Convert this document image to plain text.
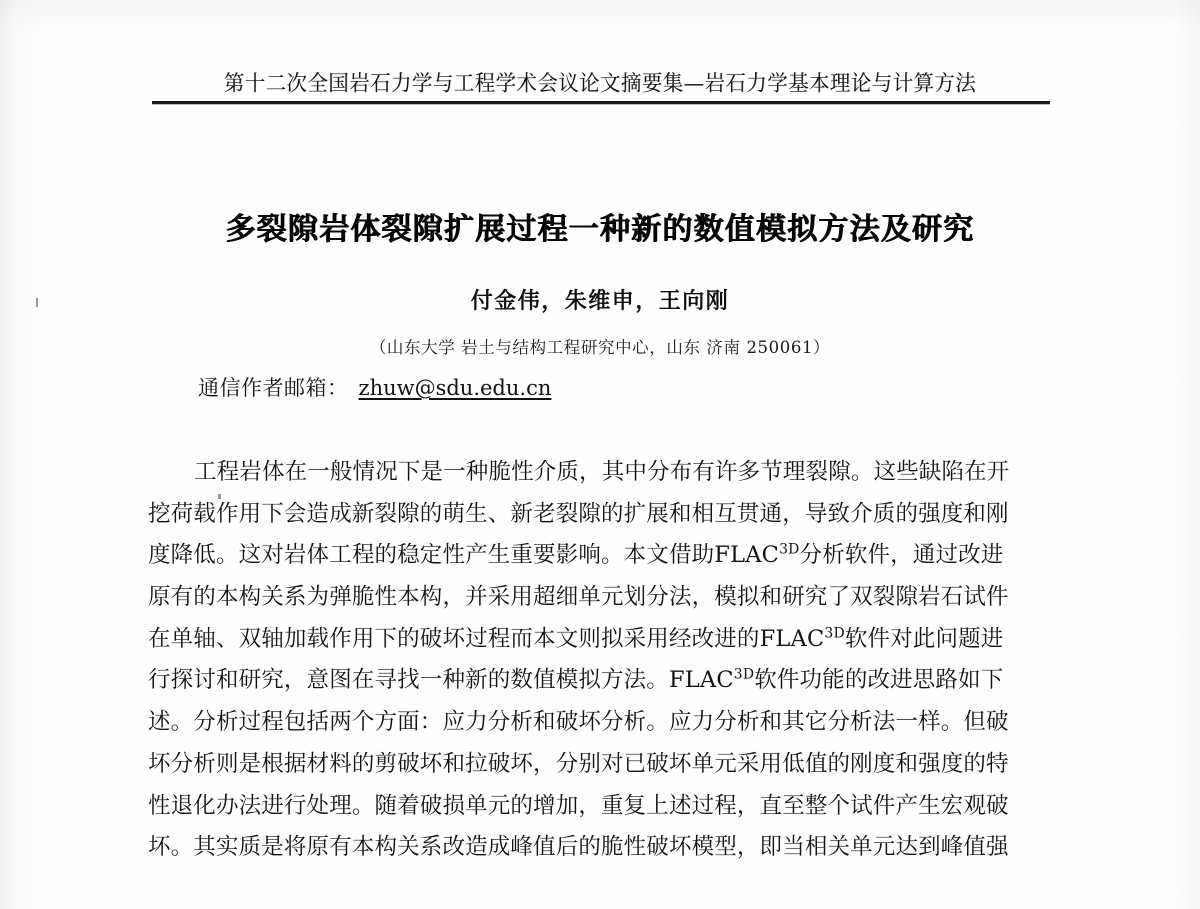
第十二次全国岩石力学与工程学术会议论文摘要集—岩石力学基本理论与计算方法
多裂隙岩体裂隙扩展过程一种新的数值模拟方法及研究
付金伟，朱维申，王向刚
（山东大学 岩土与结构工程研究中心，山东 济南 250061）
通信作者邮箱： zhuw@sdu.edu.cn
工程岩体在一般情况下是一种脆性介质，其中分布有许多节理裂隙。这些缺陷在开
挖荷载作用下会造成新裂隙的萌生、新老裂隙的扩展和相互贯通，导致介质的强度和刚
度降低。这对岩体工程的稳定性产生重要影响。本文借助$FLAC^{3D}$分析软件，通过改进
原有的本构关系为弹脆性本构，并采用超细单元划分法，模拟和研究了双裂隙岩石试件
在单轴、双轴加载作用下的破坏过程而本文则拟采用经改进的$FLAC^{3D}$软件对此问题进
行探讨和研究，意图在寻找一种新的数值模拟方法。$FLAC^{3D}$软件功能的改进思路如下
述。分析过程包括两个方面：应力分析和破坏分析。应力分析和其它分析法一样。但破
坏分析则是根据材料的剪破坏和拉破坏，分别对已破坏单元采用低值的刚度和强度的特
性退化办法进行处理。随着破损单元的增加，重复上述过程，直至整个试件产生宏观破
坏。其实质是将原有本构关系改造成峰值后的脆性破坏模型，即当相关单元达到峰值强
